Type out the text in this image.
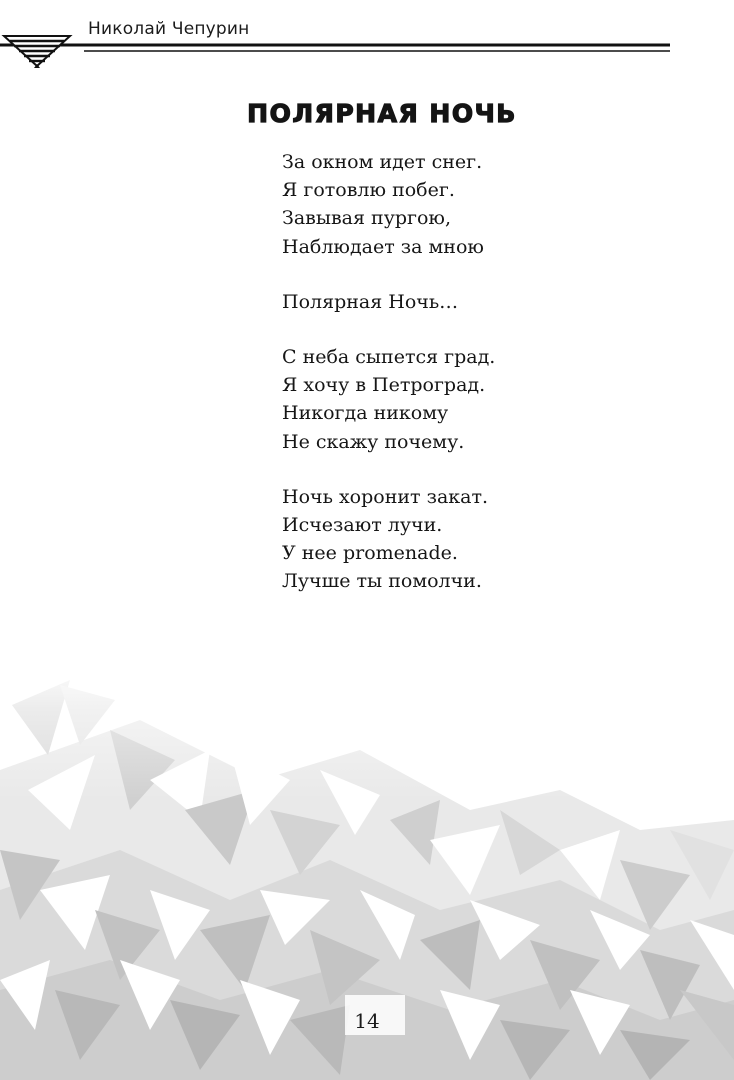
Николай Чепурин
ПОЛЯРНАЯ НОЧЬ
За окном идет снег.
Я готовлю побег.
Завывая пургою,
Наблюдает за мною
Полярная Ночь…
С неба сыпется град.
Я хочу в Петроград.
Никогда никому
Не скажу почему.
Ночь хоронит закат.
Исчезают лучи.
У нее promenade.
Лучше ты помолчи.
14
